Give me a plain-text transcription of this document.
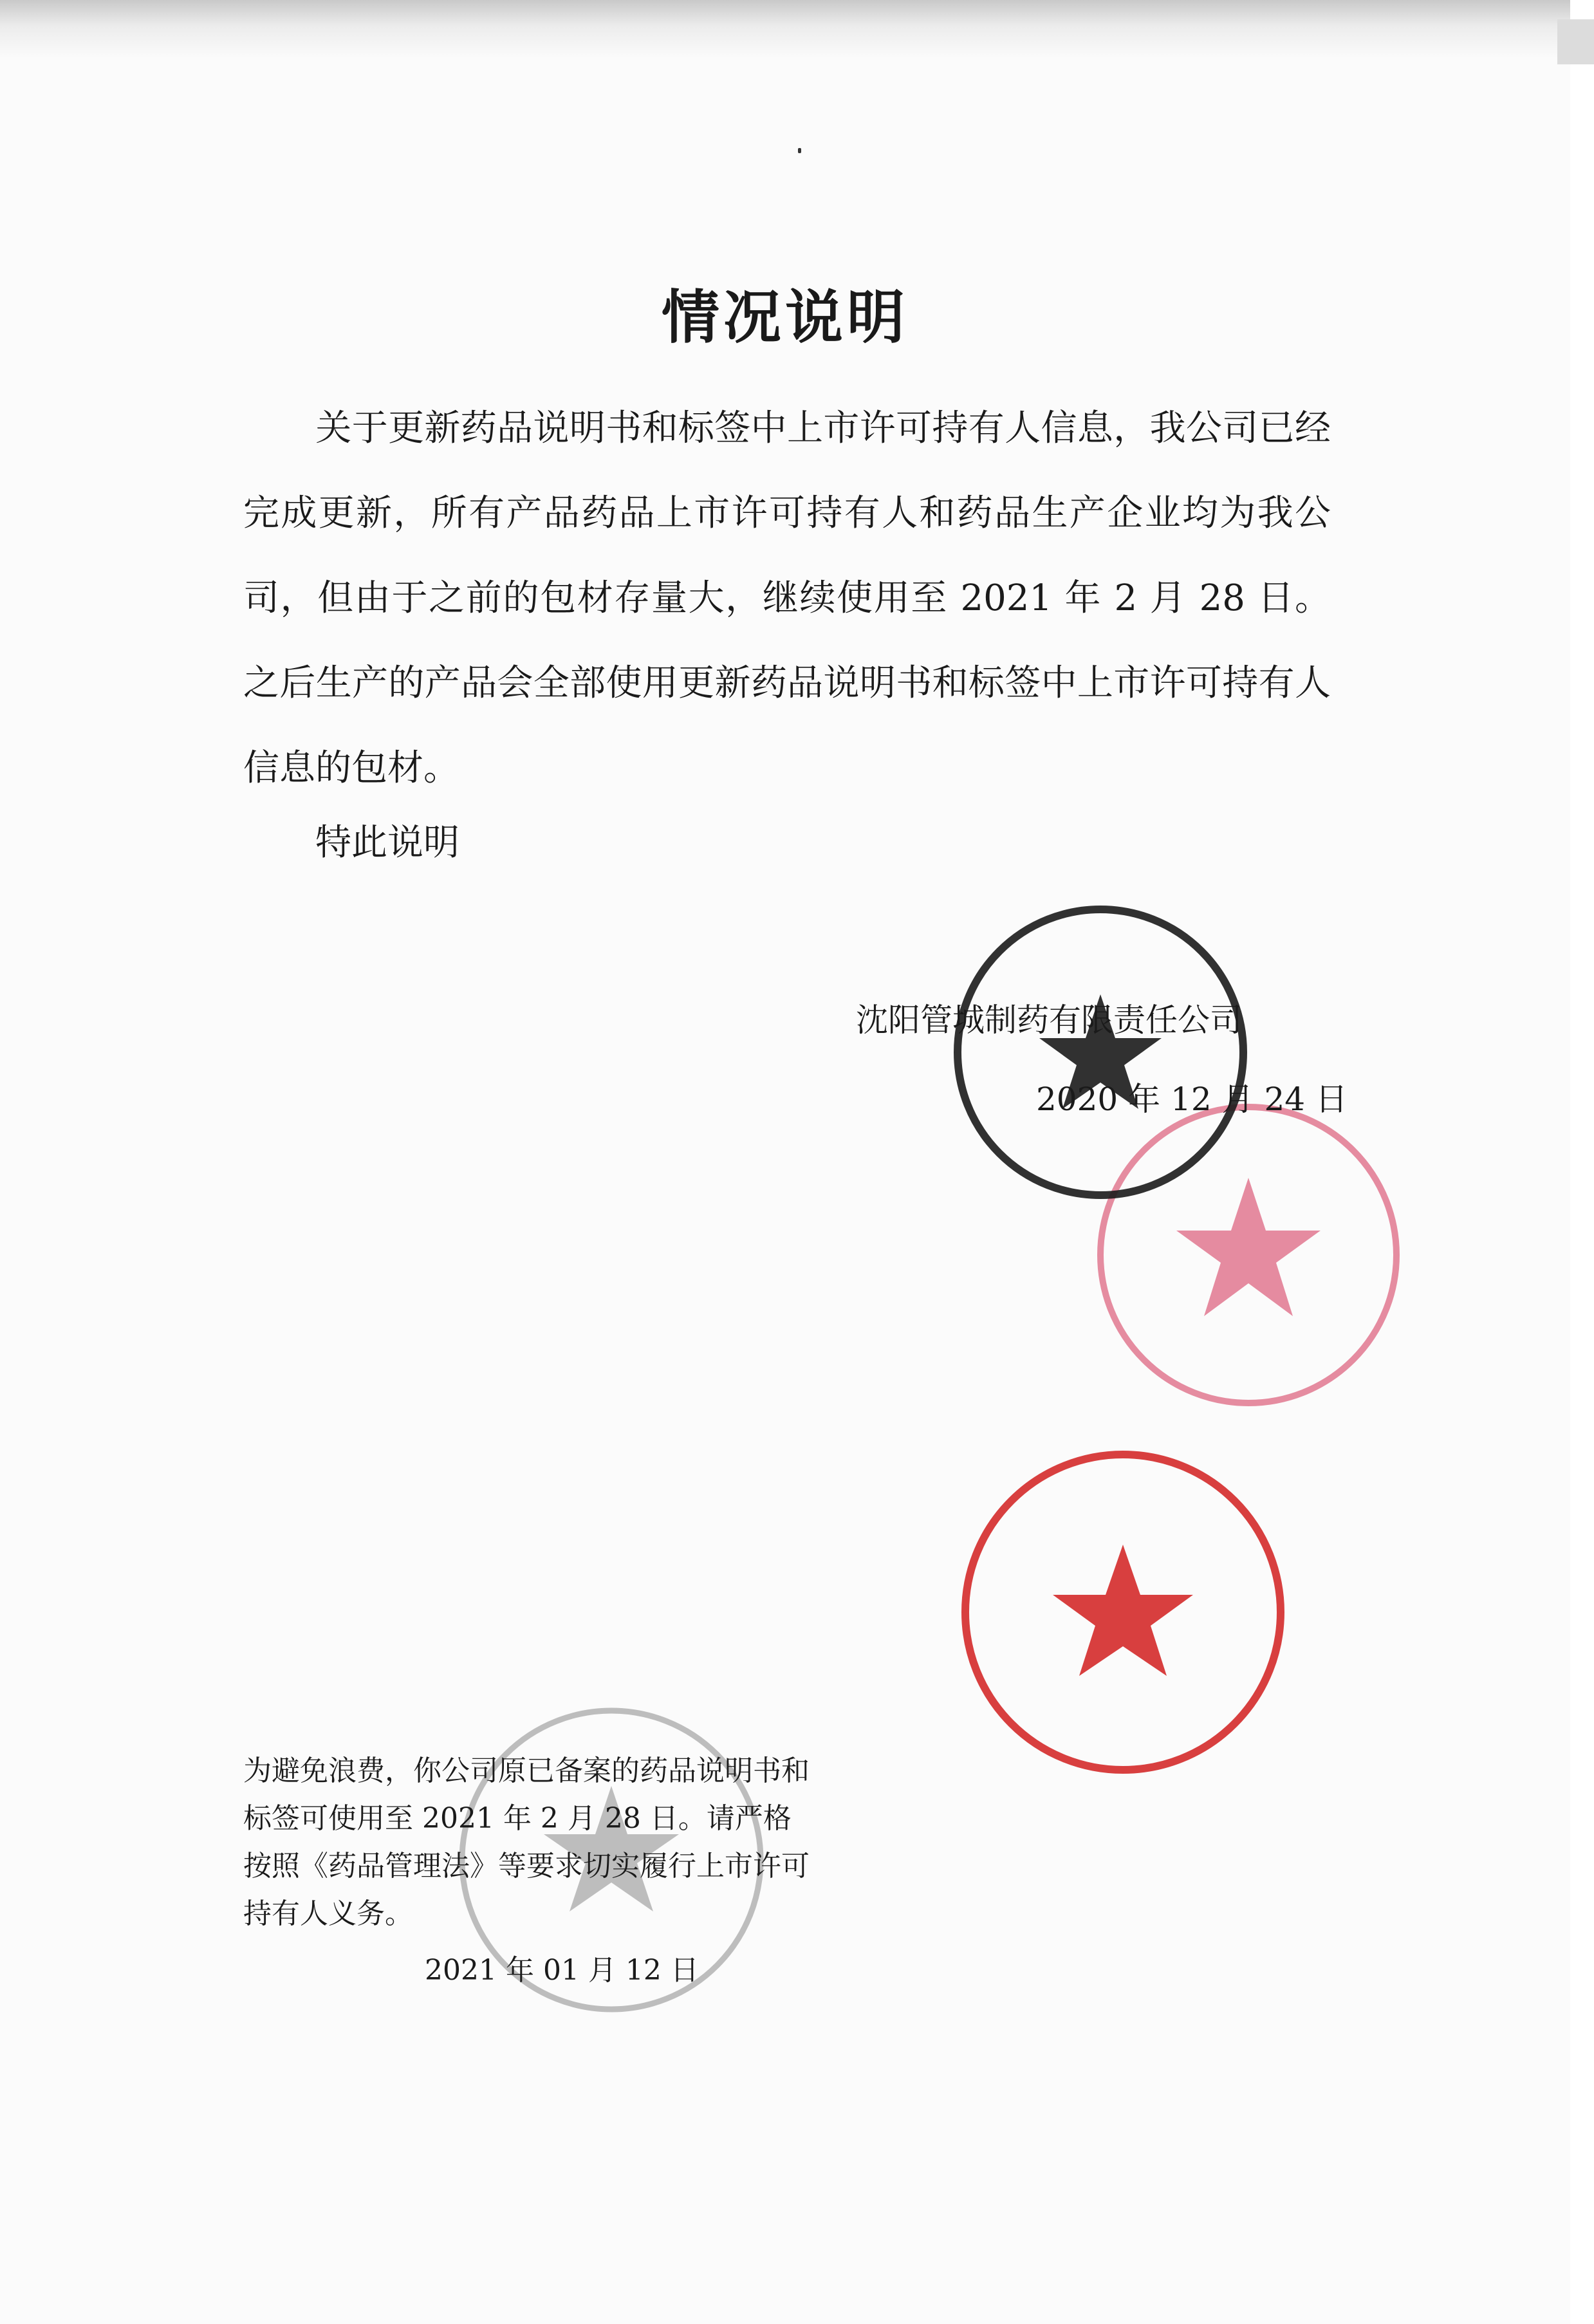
情况说明
关于更新药品说明书和标签中上市许可持有人信息，我公司已经完成更新，所有产品药品上市许可持有人和药品生产企业均为我公司，但由于之前的包材存量大，继续使用至 2021 年 2 月 28 日。之后生产的产品会全部使用更新药品说明书和标签中上市许可持有人信息的包材。
特此说明
沈阳管城制药有限责任公司
2020 年 12 月 24 日
为避免浪费，你公司原已备案的药品说明书和标签可使用至 2021 年 2 月 28 日。请严格按照《药品管理法》等要求切实履行上市许可持有人义务。
2021 年 01 月 12 日
